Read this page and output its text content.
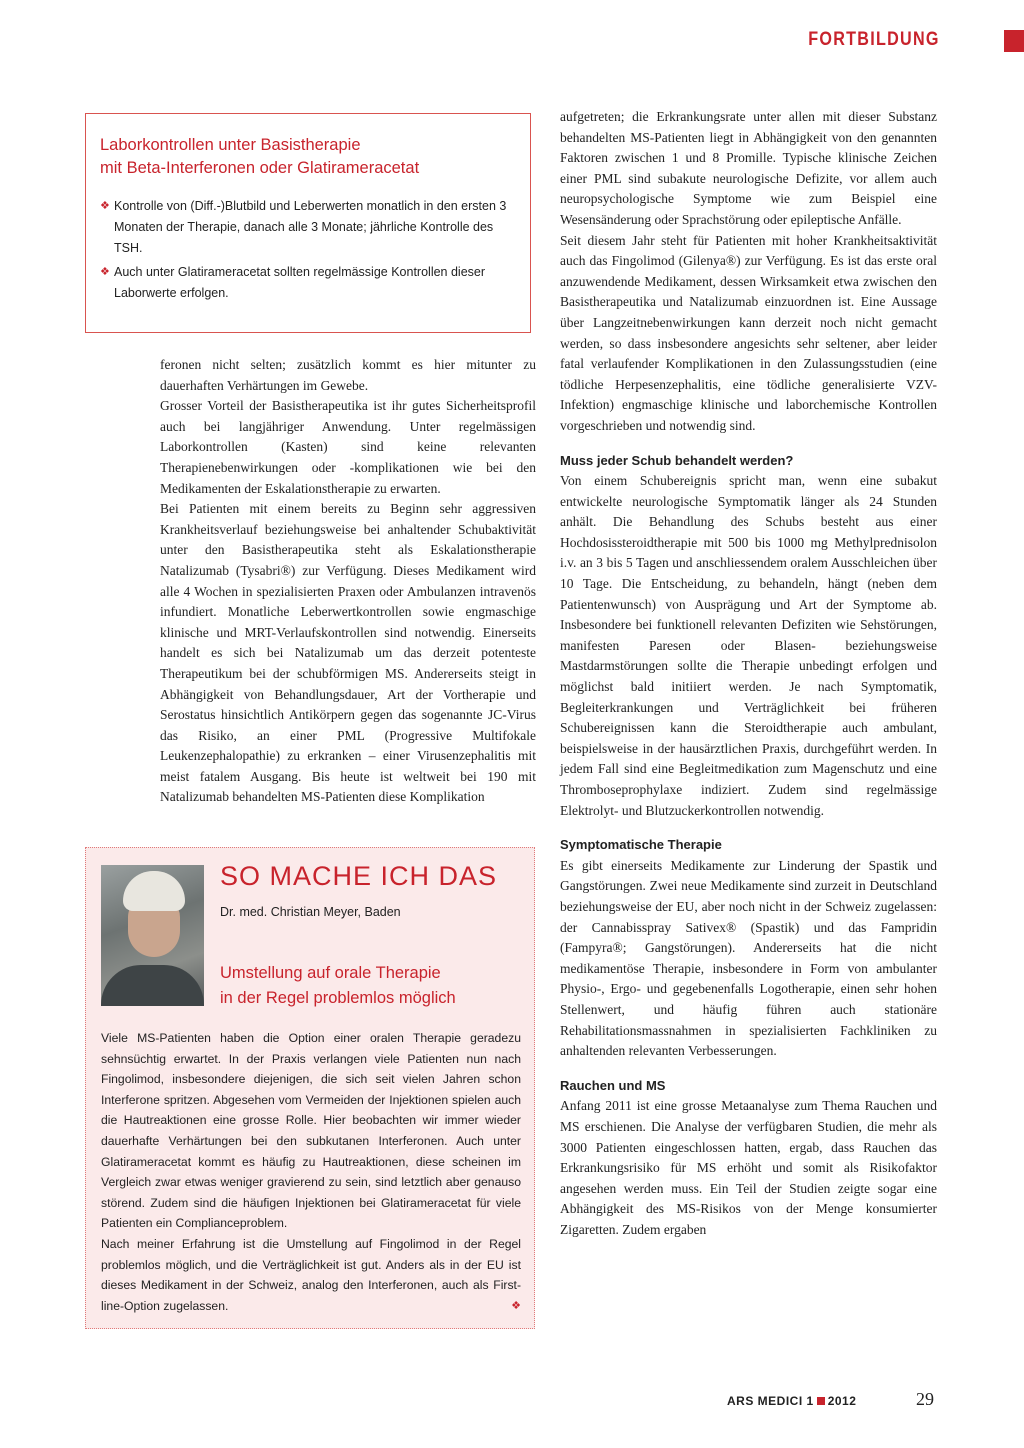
FORTBILDUNG
Laborkontrollen unter Basistherapie
mit Beta-Interferonen oder Glatirameracetat
❖ Kontrolle von (Diff.-)Blutbild und Leberwerten monatlich in den ersten 3 Monaten der Therapie, danach alle 3 Monate; jährliche Kontrolle des TSH.
❖ Auch unter Glatirameracetat sollten regelmässige Kontrollen dieser Laborwerte erfolgen.

feronen nicht selten; zusätzlich kommt es hier mitunter zu dauerhaften Verhärtungen im Gewebe.

Grosser Vorteil der Basistherapeutika ist ihr gutes Sicherheitsprofil auch bei langjähriger Anwendung. Unter regelmässigen Laborkontrollen (Kasten) sind keine relevanten Therapienebenwirkungen oder -komplikationen wie bei den Medikamenten der Eskalationstherapie zu erwarten.

Bei Patienten mit einem bereits zu Beginn sehr aggressiven Krankheitsverlauf beziehungsweise bei anhaltender Schubaktivität unter den Basistherapeutika steht als Eskalationstherapie Natalizumab (Tysabri®) zur Verfügung. Dieses Medikament wird alle 4 Wochen in spezialisierten Praxen oder Ambulanzen intravenös infundiert. Monatliche Leberwertkontrollen sowie engmaschige klinische und MRT-Verlaufskontrollen sind notwendig. Einerseits handelt es sich bei Natalizumab um das derzeit potenteste Therapeutikum bei der schubförmigen MS. Andererseits steigt in Abhängigkeit von Behandlungsdauer, Art der Vortherapie und Serostatus hinsichtlich Antikörpern gegen das sogenannte JC-Virus das Risiko, an einer PML (Progressive Multifokale Leukenzephalopathie) zu erkranken – einer Virusenzephalitis mit meist fatalem Ausgang. Bis heute ist weltweit bei 190 mit Natalizumab behandelten MS-Patienten diese Komplikation

SO MACHE ICH DAS
Dr. med. Christian Meyer, Baden
Umstellung auf orale Therapie
in der Regel problemlos möglich

Viele MS-Patienten haben die Option einer oralen Therapie geradezu sehnsüchtig erwartet. In der Praxis verlangen viele Patienten nun nach Fingolimod, insbesondere diejenigen, die sich seit vielen Jahren schon Interferone spritzen. Abgesehen vom Vermeiden der Injektionen spielen auch die Hautreaktionen eine grosse Rolle. Hier beobachten wir immer wieder dauerhafte Verhärtungen bei den subkutanen Interferonen. Auch unter Glatirameracetat kommt es häufig zu Hautreaktionen, diese scheinen im Vergleich zwar etwas weniger gravierend zu sein, sind letztlich aber genauso störend. Zudem sind die häufigen Injektionen bei Glatirameracetat für viele Patienten ein Complianceproblem.

Nach meiner Erfahrung ist die Umstellung auf Fingolimod in der Regel problemlos möglich, und die Verträglichkeit ist gut. Anders als in der EU ist dieses Medikament in der Schweiz, analog den Interferonen, auch als First-line-Option zugelassen.	❖

aufgetreten; die Erkrankungsrate unter allen mit dieser Substanz behandelten MS-Patienten liegt in Abhängigkeit von den genannten Faktoren zwischen 1 und 8 Promille. Typische klinische Zeichen einer PML sind subakute neurologische Defizite, vor allem auch neuropsychologische Symptome wie zum Beispiel eine Wesensänderung oder Sprachstörung oder epileptische Anfälle.

Seit diesem Jahr steht für Patienten mit hoher Krankheitsaktivität auch das Fingolimod (Gilenya®) zur Verfügung. Es ist das erste oral anzuwendende Medikament, dessen Wirksamkeit etwa zwischen den Basistherapeutika und Natalizumab einzuordnen ist. Eine Aussage über Langzeitnebenwirkungen kann derzeit noch nicht gemacht werden, so dass insbesondere angesichts sehr seltener, aber leider fatal verlaufender Komplikationen in den Zulassungsstudien (eine tödliche Herpesenzephalitis, eine tödliche generalisierte VZV-Infektion) engmaschige klinische und laborchemische Kontrollen vorgeschrieben und notwendig sind.

Muss jeder Schub behandelt werden?

Von einem Schubereignis spricht man, wenn eine subakut entwickelte neurologische Symptomatik länger als 24 Stunden anhält. Die Behandlung des Schubs besteht aus einer Hochdosissteroidtherapie mit 500 bis 1000 mg Methylprednisolon i.v. an 3 bis 5 Tagen und anschliessendem oralem Ausschleichen über 10 Tage. Die Entscheidung, zu behandeln, hängt (neben dem Patientenwunsch) von Ausprägung und Art der Symptome ab. Insbesondere bei funktionell relevanten Defiziten wie Sehstörungen, manifesten Paresen oder Blasen- beziehungsweise Mastdarmstörungen sollte die Therapie unbedingt erfolgen und möglichst bald initiiert werden. Je nach Symptomatik, Begleiterkrankungen und Verträglichkeit bei früheren Schubereignissen kann die Steroidtherapie auch ambulant, beispielsweise in der hausärztlichen Praxis, durchgeführt werden. In jedem Fall sind eine Begleitmedikation zum Magenschutz und eine Thromboseprophylaxe indiziert. Zudem sind regelmässige Elektrolyt- und Blutzuckerkontrollen notwendig.

Symptomatische Therapie

Es gibt einerseits Medikamente zur Linderung der Spastik und Gangstörungen. Zwei neue Medikamente sind zurzeit in Deutschland beziehungsweise der EU, aber noch nicht in der Schweiz zugelassen: der Cannabisspray Sativex® (Spastik) und das Fampridin (Fampyra®; Gangstörungen). Andererseits hat die nicht medikamentöse Therapie, insbesondere in Form von ambulanter Physio-, Ergo- und gegebenenfalls Logotherapie, einen sehr hohen Stellenwert, und häufig führen auch stationäre Rehabilitationsmassnahmen in spezialisierten Fachkliniken zu anhaltenden relevanten Verbesserungen.

Rauchen und MS

Anfang 2011 ist eine grosse Metaanalyse zum Thema Rauchen und MS erschienen. Die Analyse der verfügbaren Studien, die mehr als 3000 Patienten eingeschlossen hatten, ergab, dass Rauchen das Erkrankungsrisiko für MS erhöht und somit als Risikofaktor angesehen werden muss. Ein Teil der Studien zeigte sogar eine Abhängigkeit des MS-Risikos von der Menge konsumierter Zigaretten. Zudem ergaben

ARS MEDICI 1 2012	29
